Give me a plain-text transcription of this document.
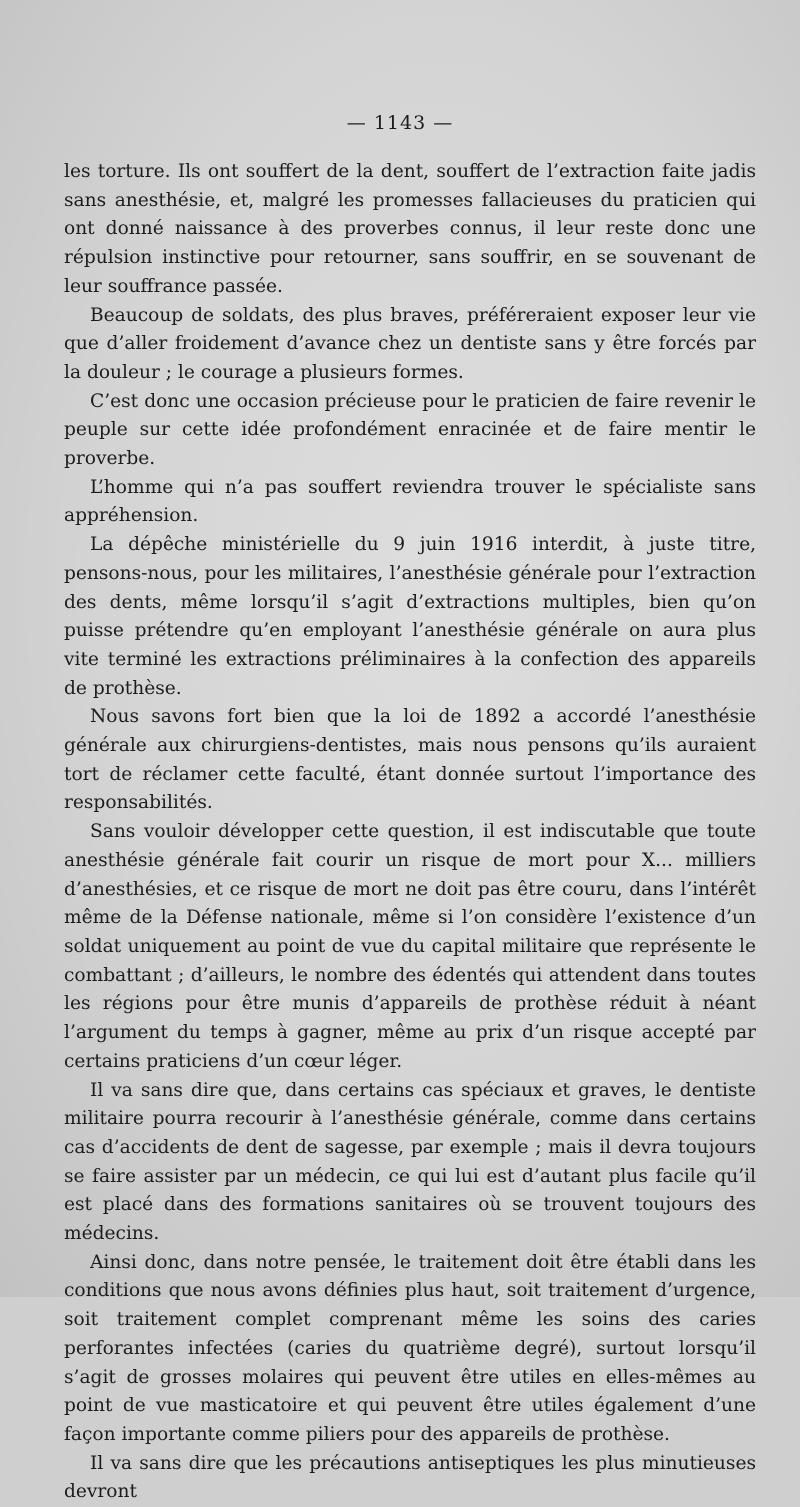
— 1143 —

les torture. Ils ont souffert de la dent, souffert de l’extraction faite jadis sans anesthésie, et, malgré les promesses fallacieuses du praticien qui ont donné naissance à des proverbes connus, il leur reste donc une répulsion instinctive pour retourner, sans souffrir, en se souvenant de leur souffrance passée.

Beaucoup de soldats, des plus braves, préféreraient exposer leur vie que d’aller froidement d’avance chez un dentiste sans y être forcés par la douleur ; le courage a plusieurs formes.

C’est donc une occasion précieuse pour le praticien de faire revenir le peuple sur cette idée profondément enracinée et de faire mentir le proverbe.

L’homme qui n’a pas souffert reviendra trouver le spécialiste sans appréhension.

La dépêche ministérielle du 9 juin 1916 interdit, à juste titre, pensons-nous, pour les militaires, l’anesthésie générale pour l’extraction des dents, même lorsqu’il s’agit d’extractions multiples, bien qu’on puisse prétendre qu’en employant l’anesthésie générale on aura plus vite terminé les extractions préliminaires à la confection des appareils de prothèse.

Nous savons fort bien que la loi de 1892 a accordé l’anesthésie générale aux chirurgiens-dentistes, mais nous pensons qu’ils auraient tort de réclamer cette faculté, étant donnée surtout l’importance des responsabilités.

Sans vouloir développer cette question, il est indiscutable que toute anesthésie générale fait courir un risque de mort pour X... milliers d’anesthésies, et ce risque de mort ne doit pas être couru, dans l’intérêt même de la Défense nationale, même si l’on considère l’existence d’un soldat uniquement au point de vue du capital militaire que représente le combattant ; d’ailleurs, le nombre des édentés qui attendent dans toutes les régions pour être munis d’appareils de prothèse réduit à néant l’argument du temps à gagner, même au prix d’un risque accepté par certains praticiens d’un cœur léger.

Il va sans dire que, dans certains cas spéciaux et graves, le dentiste militaire pourra recourir à l’anesthésie générale, comme dans certains cas d’accidents de dent de sagesse, par exemple ; mais il devra toujours se faire assister par un médecin, ce qui lui est d’autant plus facile qu’il est placé dans des formations sanitaires où se trouvent toujours des médecins.

Ainsi donc, dans notre pensée, le traitement doit être établi dans les conditions que nous avons définies plus haut, soit traitement d’urgence, soit traitement complet comprenant même les soins des caries perforantes infectées (caries du quatrième degré), surtout lorsqu’il s’agit de grosses molaires qui peuvent être utiles en elles-mêmes au point de vue masticatoire et qui peuvent être utiles également d’une façon importante comme piliers pour des appareils de prothèse.

Il va sans dire que les précautions antiseptiques les plus minutieuses devront
